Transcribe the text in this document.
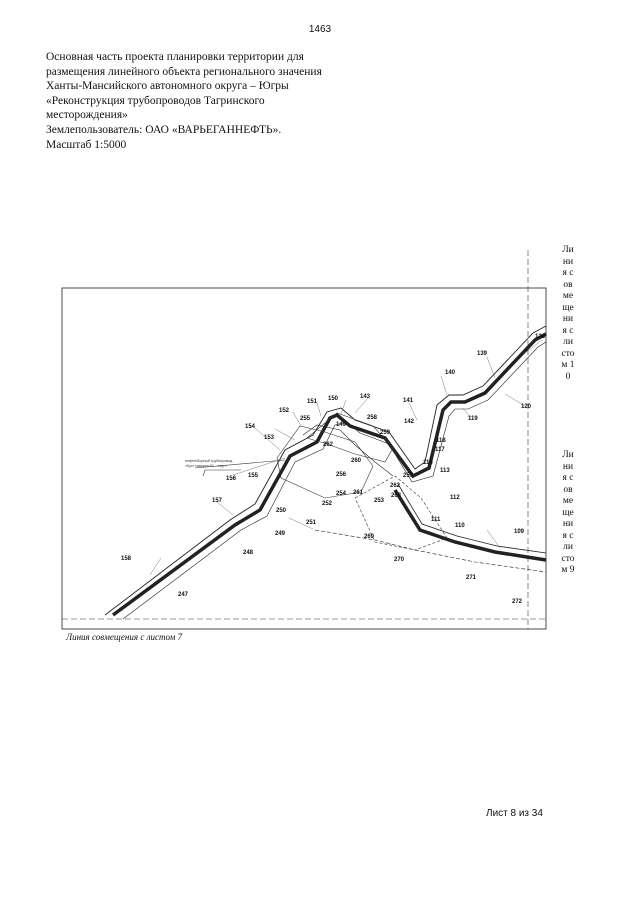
1463
Основная часть проекта планировки территории для
размещения линейного объекта регионального значения
Ханты-Мансийского автономного округа – Югры
«Реконструкция трубопроводов Тагринского
месторождения»
Землепользователь: ОАО «ВАРЬЕГАННЕФТЬ».
Масштаб 1:5000
138
139
140
120
141
119
142
143
150
151
152
255	258
259
149
118
154
153
262
117
115
260
113
257
262
156 155	256
261
254
253
268	112
157
250
252
251	110
269
249
248
111
109
270
158
271
247
272
нефтесборный трубопровод
«Куст скважин 91 – т.вр.»
Линия совмещения с листом 10
Линия совмещения с листом 9
Линия совмещения с листом 7
Лист 8 из 34
